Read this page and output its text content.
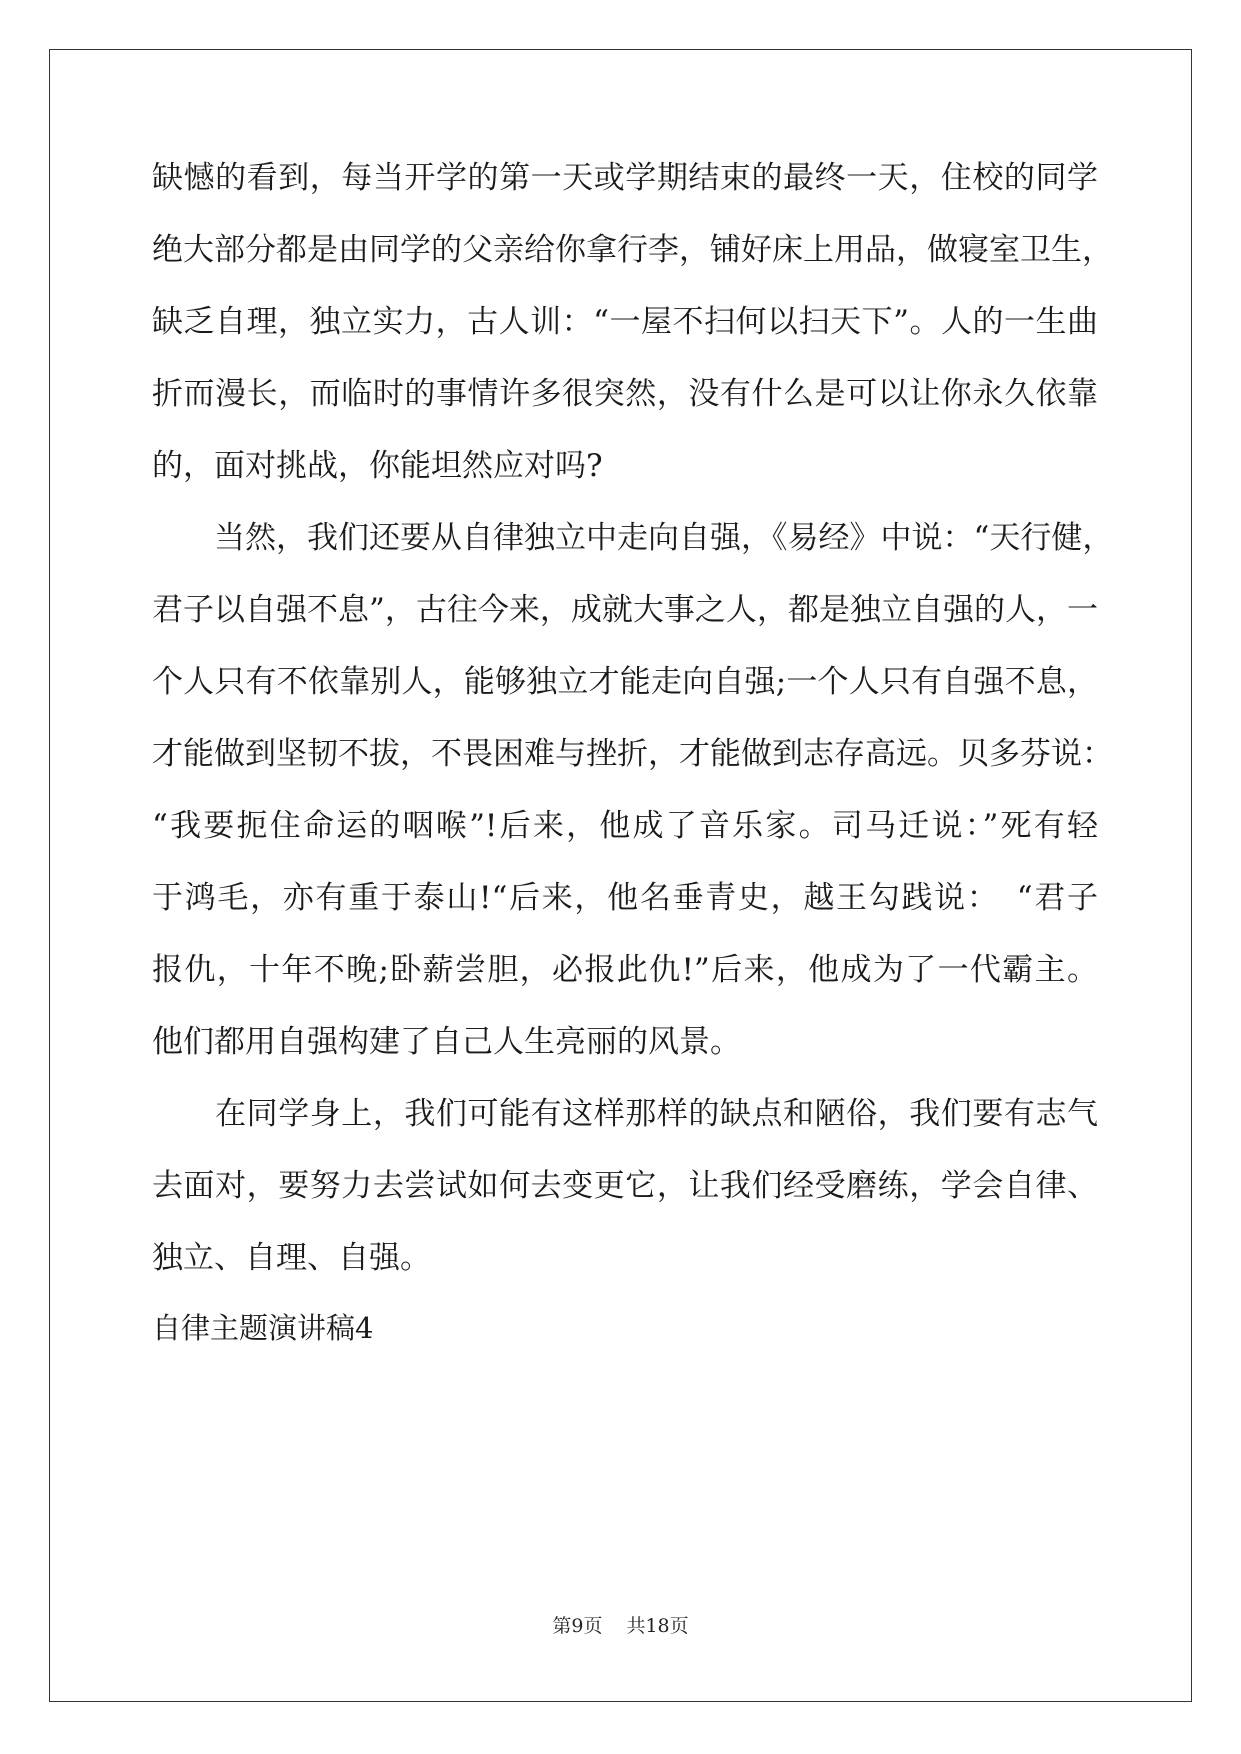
缺憾的看到，每当开学的第一天或学期结束的最终一天，住校的同学
绝大部分都是由同学的父亲给你拿行李，铺好床上用品，做寝室卫生，
缺乏自理，独立实力，古人训：“一屋不扫何以扫天下”。人的一生曲
折而漫长，而临时的事情许多很突然，没有什么是可以让你永久依靠
的，面对挑战，你能坦然应对吗?
　　当然，我们还要从自律独立中走向自强，《易经》中说：“天行健，
君子以自强不息”，古往今来，成就大事之人，都是独立自强的人，一
个人只有不依靠别人，能够独立才能走向自强;一个人只有自强不息，
才能做到坚韧不拔，不畏困难与挫折，才能做到志存高远。贝多芬说：
“我要扼住命运的咽喉”!后来，他成了音乐家。司马迁说：”死有轻
于鸿毛，亦有重于泰山!“后来，他名垂青史，越王勾践说：　“君子
报仇，十年不晚;卧薪尝胆，必报此仇!”后来，他成为了一代霸主。
他们都用自强构建了自己人生亮丽的风景。
　　在同学身上，我们可能有这样那样的缺点和陋俗，我们要有志气
去面对，要努力去尝试如何去变更它，让我们经受磨练，学会自律、
独立、自理、自强。
自律主题演讲稿4
第9页 共18页
